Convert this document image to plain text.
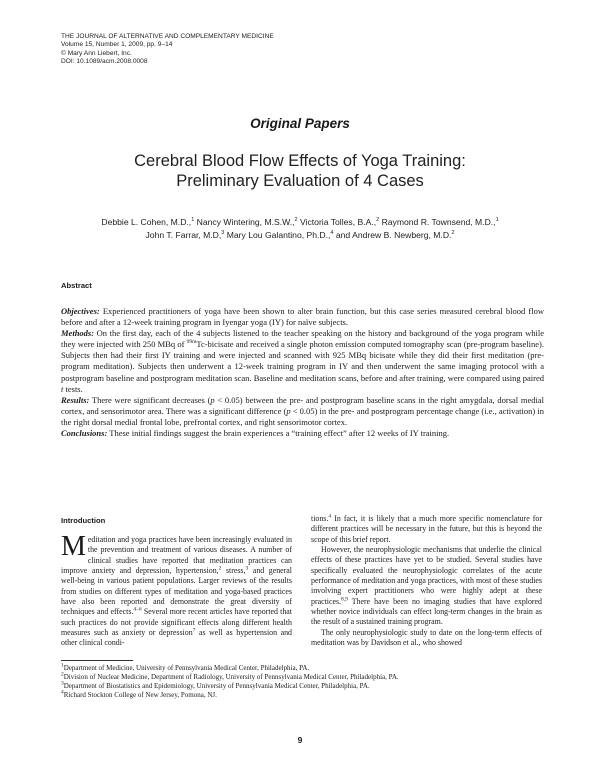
THE JOURNAL OF ALTERNATIVE AND COMPLEMENTARY MEDICINE
Volume 15, Number 1, 2009, pp. 9–14
© Mary Ann Liebert, Inc.
DOI: 10.1089/acm.2008.0008
Original Papers
Cerebral Blood Flow Effects of Yoga Training:
Preliminary Evaluation of 4 Cases
Debbie L. Cohen, M.D.,$^1$ Nancy Wintering, M.S.W.,$^2$ Victoria Tolles, B.A.,$^2$ Raymond R. Townsend, M.D.,$^1$
John T. Farrar, M.D,$^3$ Mary Lou Galantino, Ph.D.,$^4$ and Andrew B. Newberg, M.D.$^2$
Abstract

Objectives: Experienced practitioners of yoga have been shown to alter brain function, but this case series measured cerebral blood flow before and after a 12-week training program in Iyengar yoga (IY) for naïve subjects.

Methods: On the first day, each of the 4 subjects listened to the teacher speaking on the history and background of the yoga program while they were injected with 250 MBq of $^{99m}$Tc-bicisate and received a single photon emission computed tomography scan (pre-program baseline). Subjects then had their first IY training and were injected and scanned with 925 MBq bicisate while they did their first meditation (pre-program meditation). Subjects then underwent a 12-week training program in IY and then underwent the same imaging protocol with a postprogram baseline and postprogram meditation scan. Baseline and meditation scans, before and after training, were compared using paired t tests.

Results: There were significant decreases (p < 0.05) between the pre- and postprogram baseline scans in the right amygdala, dorsal medial cortex, and sensorimotor area. There was a significant difference (p < 0.05) in the pre- and postprogram percentage change (i.e., activation) in the right dorsal medial frontal lobe, prefrontal cortex, and right sensorimotor cortex.

Conclusions: These initial findings suggest the brain experiences a “training effect” after 12 weeks of IY training.

Introduction

Meditation and yoga practices have been increasingly evaluated in the prevention and treatment of various diseases. A number of clinical studies have reported that meditation practices can improve anxiety and depression, hypertension,$^2$ stress,$^3$ and general well-being in various patient populations. Larger reviews of the results from studies on different types of meditation and yoga-based practices have also been reported and demonstrate the great diversity of techniques and effects.$^{4-6}$ Several more recent articles have reported that such practices do not provide significant effects along different health measures such as anxiety or depression$^7$ as well as hypertension and other clinical condi-

tions.$^4$ In fact, it is likely that a much more specific nomenclature for different practices will be necessary in the future, but this is beyond the scope of this brief report.

However, the neurophysiologic mechanisms that underlie the clinical effects of these practices have yet to be studied. Several studies have specifically evaluated the neurophysiologic correlates of the acute performance of meditation and yoga practices, with most of these studies involving expert practitioners who were highly adept at these practices.$^{8,9}$ There have been no imaging studies that have explored whether novice individuals can effect long-term changes in the brain as the result of a sustained training program.

The only neurophysiologic study to date on the long-term effects of meditation was by Davidson et al., who showed

$^1$Department of Medicine, University of Pennsylvania Medical Center, Philadelphia, PA.
$^2$Division of Nuclear Medicine, Department of Radiology, University of Pennsylvania Medical Center, Philadelphia, PA.
$^3$Department of Biostatistics and Epidemiology, University of Pennsylvania Medical Center, Philadelphia, PA.
$^4$Richard Stockton College of New Jersey, Pomona, NJ.
9
